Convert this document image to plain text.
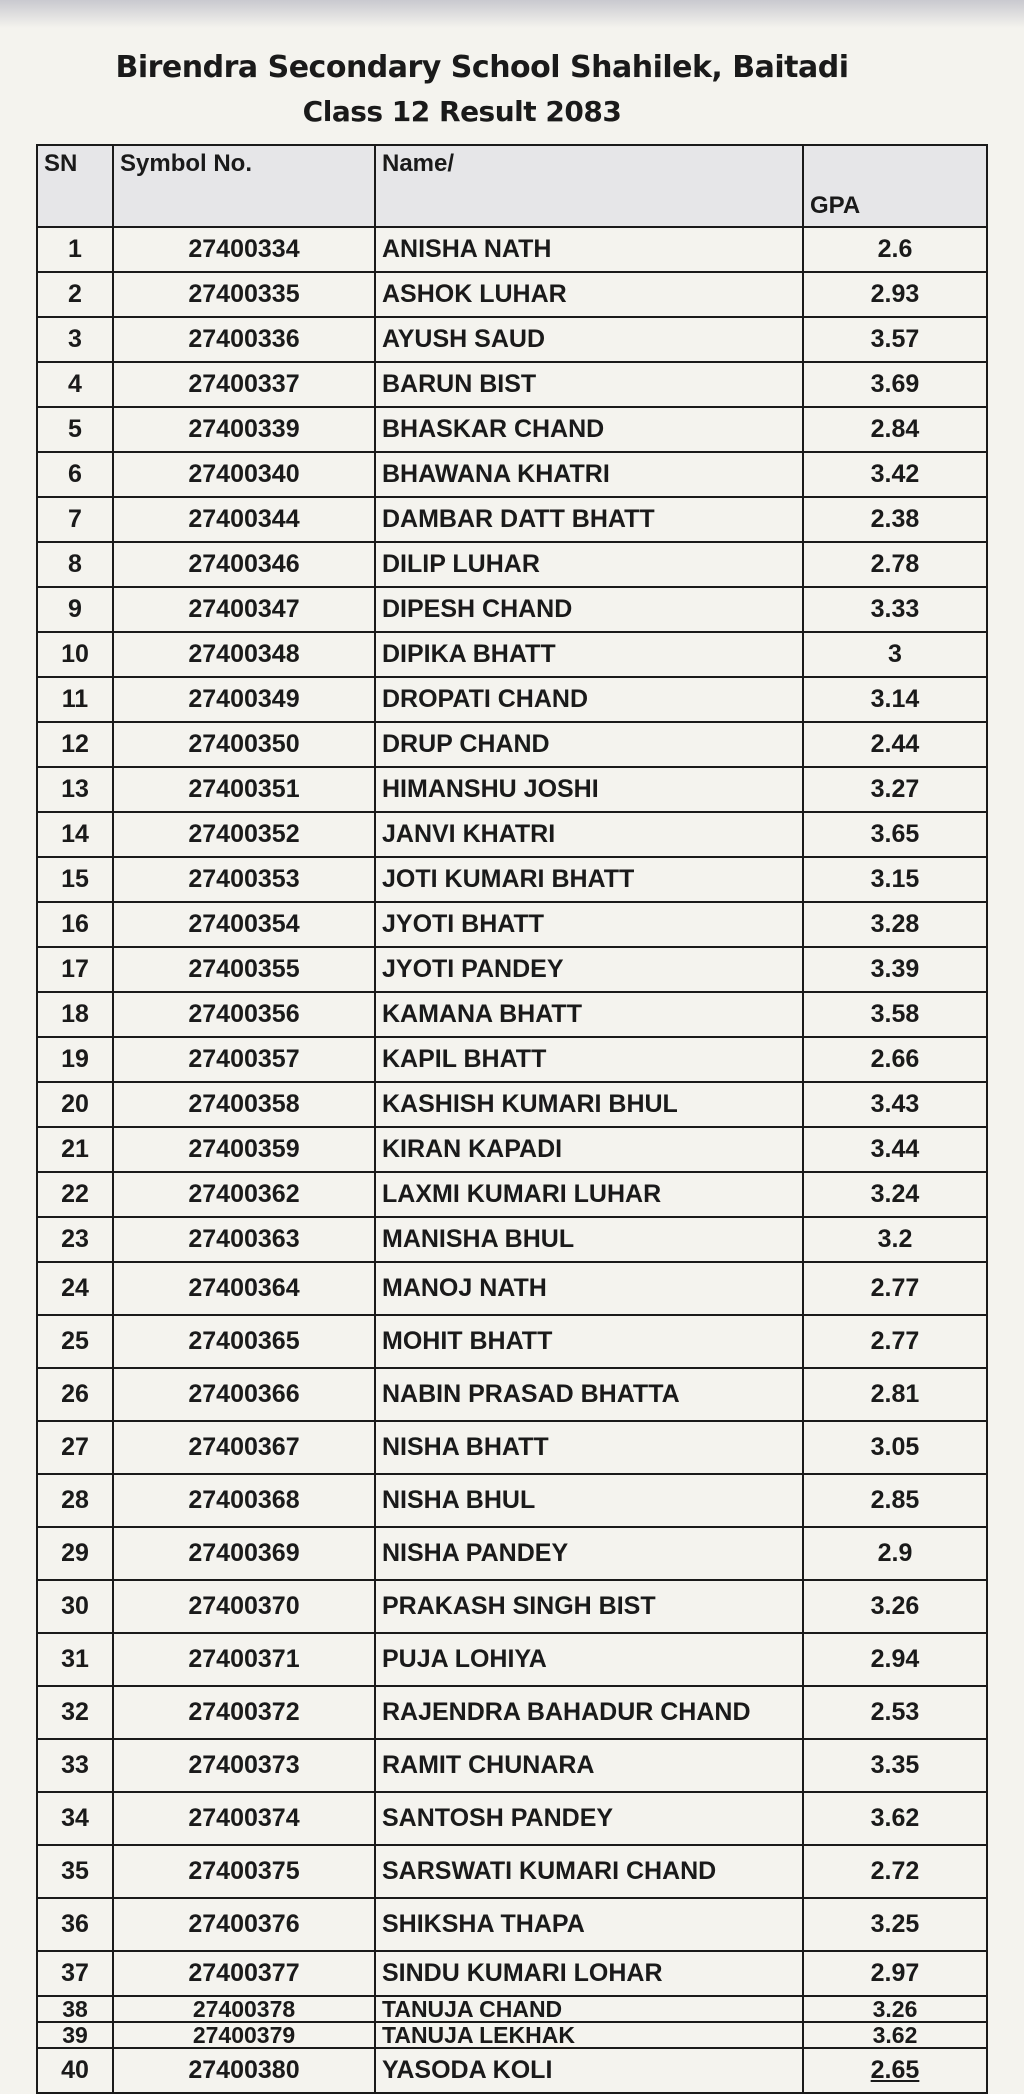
Birendra Secondary School Shahilek, Baitadi
Class 12 Result 2083
SN	Symbol No.	Name/	GPA
1	27400334	ANISHA NATH	2.6
2	27400335	ASHOK LUHAR	2.93
3	27400336	AYUSH SAUD	3.57
4	27400337	BARUN BIST	3.69
5	27400339	BHASKAR CHAND	2.84
6	27400340	BHAWANA KHATRI	3.42
7	27400344	DAMBAR DATT BHATT	2.38
8	27400346	DILIP LUHAR	2.78
9	27400347	DIPESH CHAND	3.33
10	27400348	DIPIKA BHATT	3
11	27400349	DROPATI CHAND	3.14
12	27400350	DRUP CHAND	2.44
13	27400351	HIMANSHU JOSHI	3.27
14	27400352	JANVI KHATRI	3.65
15	27400353	JOTI KUMARI BHATT	3.15
16	27400354	JYOTI BHATT	3.28
17	27400355	JYOTI PANDEY	3.39
18	27400356	KAMANA BHATT	3.58
19	27400357	KAPIL BHATT	2.66
20	27400358	KASHISH KUMARI BHUL	3.43
21	27400359	KIRAN KAPADI	3.44
22	27400362	LAXMI KUMARI LUHAR	3.24
23	27400363	MANISHA BHUL	3.2
24	27400364	MANOJ NATH	2.77
25	27400365	MOHIT BHATT	2.77
26	27400366	NABIN PRASAD BHATTA	2.81
27	27400367	NISHA BHATT	3.05
28	27400368	NISHA BHUL	2.85
29	27400369	NISHA PANDEY	2.9
30	27400370	PRAKASH SINGH BIST	3.26
31	27400371	PUJA LOHIYA	2.94
32	27400372	RAJENDRA BAHADUR CHAND	2.53
33	27400373	RAMIT CHUNARA	3.35
34	27400374	SANTOSH PANDEY	3.62
35	27400375	SARSWATI KUMARI CHAND	2.72
36	27400376	SHIKSHA THAPA	3.25
37	27400377	SINDU KUMARI LOHAR	2.97
38	27400378	TANUJA CHAND	3.26
39	27400379	TANUJA LEKHAK	3.62
40	27400380	YASODA KOLI	2.65
